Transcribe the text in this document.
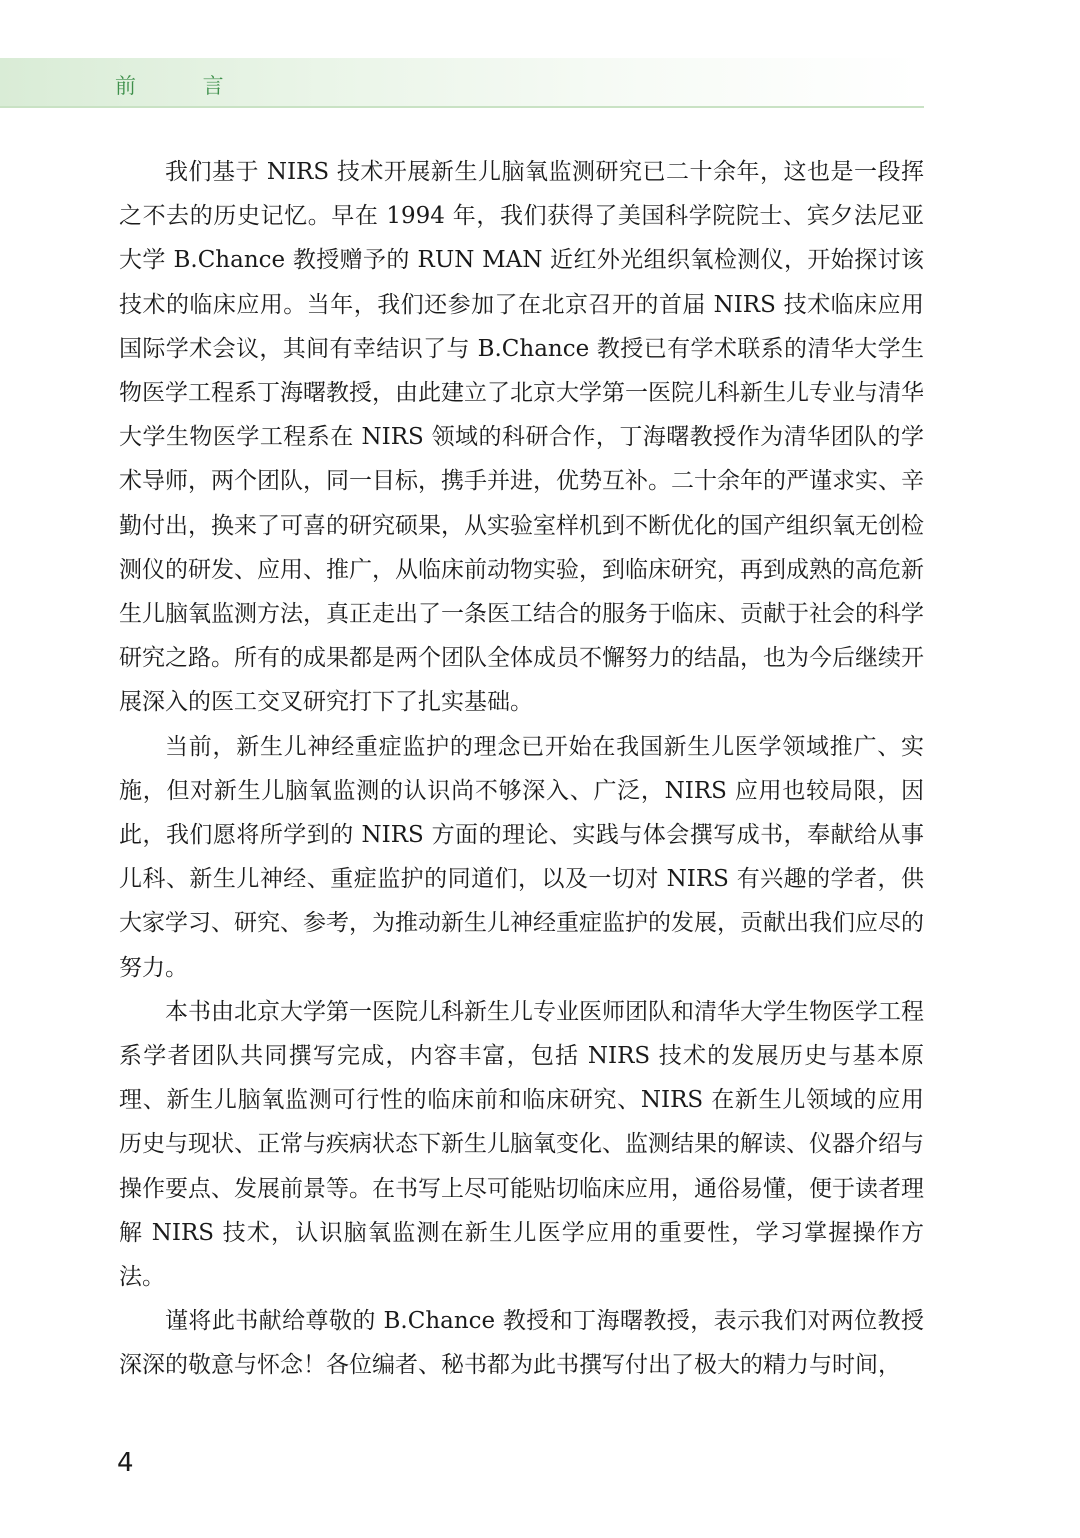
前 言

我们基于 NIRS 技术开展新生儿脑氧监测研究已二十余年，这也是一段挥之不去的历史记忆。早在 1994 年，我们获得了美国科学院院士、宾夕法尼亚大学 B.Chance 教授赠予的 RUN MAN 近红外光组织氧检测仪，开始探讨该技术的临床应用。当年，我们还参加了在北京召开的首届 NIRS 技术临床应用国际学术会议，其间有幸结识了与 B.Chance 教授已有学术联系的清华大学生物医学工程系丁海曙教授，由此建立了北京大学第一医院儿科新生儿专业与清华大学生物医学工程系在 NIRS 领域的科研合作，丁海曙教授作为清华团队的学术导师，两个团队，同一目标，携手并进，优势互补。二十余年的严谨求实、辛勤付出，换来了可喜的研究硕果，从实验室样机到不断优化的国产组织氧无创检测仪的研发、应用、推广，从临床前动物实验，到临床研究，再到成熟的高危新生儿脑氧监测方法，真正走出了一条医工结合的服务于临床、贡献于社会的科学研究之路。所有的成果都是两个团队全体成员不懈努力的结晶，也为今后继续开展深入的医工交叉研究打下了扎实基础。

当前，新生儿神经重症监护的理念已开始在我国新生儿医学领域推广、实施，但对新生儿脑氧监测的认识尚不够深入、广泛，NIRS 应用也较局限，因此，我们愿将所学到的 NIRS 方面的理论、实践与体会撰写成书，奉献给从事儿科、新生儿神经、重症监护的同道们，以及一切对 NIRS 有兴趣的学者，供大家学习、研究、参考，为推动新生儿神经重症监护的发展，贡献出我们应尽的努力。

本书由北京大学第一医院儿科新生儿专业医师团队和清华大学生物医学工程系学者团队共同撰写完成，内容丰富，包括 NIRS 技术的发展历史与基本原理、新生儿脑氧监测可行性的临床前和临床研究、NIRS 在新生儿领域的应用历史与现状、正常与疾病状态下新生儿脑氧变化、监测结果的解读、仪器介绍与操作要点、发展前景等。在书写上尽可能贴切临床应用，通俗易懂，便于读者理解 NIRS 技术，认识脑氧监测在新生儿医学应用的重要性，学习掌握操作方法。

谨将此书献给尊敬的 B.Chance 教授和丁海曙教授，表示我们对两位教授深深的敬意与怀念！各位编者、秘书都为此书撰写付出了极大的精力与时间，

4
